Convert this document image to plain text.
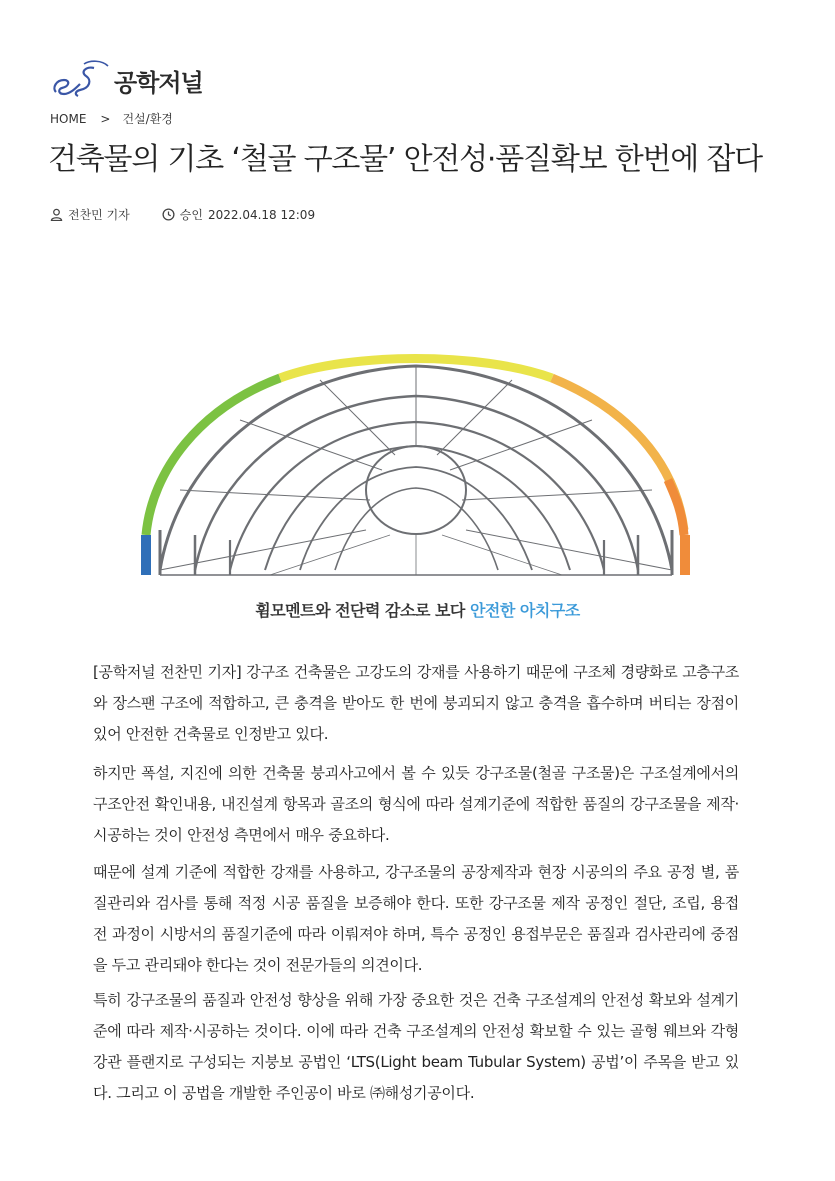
공학저널
HOME > 건설/환경
건축물의 기초 ‘철골 구조물’ 안전성·품질확보 한번에 잡다
전찬민 기자	승인 2022.04.18 12:09
휨모멘트와 전단력 감소로 보다 안전한 아치구조

[공학저널 전찬민 기자] 강구조 건축물은 고강도의 강재를 사용하기 때문에 구조체 경량화로 고층구조와 장스팬 구조에 적합하고, 큰 충격을 받아도 한 번에 붕괴되지 않고 충격을 흡수하며 버티는 장점이 있어 안전한 건축물로 인정받고 있다.

하지만 폭설, 지진에 의한 건축물 붕괴사고에서 볼 수 있듯 강구조물(철골 구조물)은 구조설계에서의 구조안전 확인내용, 내진설계 항목과 골조의 형식에 따라 설계기준에 적합한 품질의 강구조물을 제작·시공하는 것이 안전성 측면에서 매우 중요하다.

때문에 설계 기준에 적합한 강재를 사용하고, 강구조물의 공장제작과 현장 시공의의 주요 공정 별, 품질관리와 검사를 통해 적정 시공 품질을 보증해야 한다. 또한 강구조물 제작 공정인 절단, 조립, 용접 전 과정이 시방서의 품질기준에 따라 이뤄져야 하며, 특수 공정인 용접부문은 품질과 검사관리에 중점을 두고 관리돼야 한다는 것이 전문가들의 의견이다.

특히 강구조물의 품질과 안전성 향상을 위해 가장 중요한 것은 건축 구조설계의 안전성 확보와 설계기준에 따라 제작·시공하는 것이다. 이에 따라 건축 구조설계의 안전성 확보할 수 있는 골형 웨브와 각형강관 플랜지로 구성되는 지붕보 공법인 ‘LTS(Light beam Tubular System) 공법’이 주목을 받고 있다. 그리고 이 공법을 개발한 주인공이 바로 ㈜해성기공이다.
